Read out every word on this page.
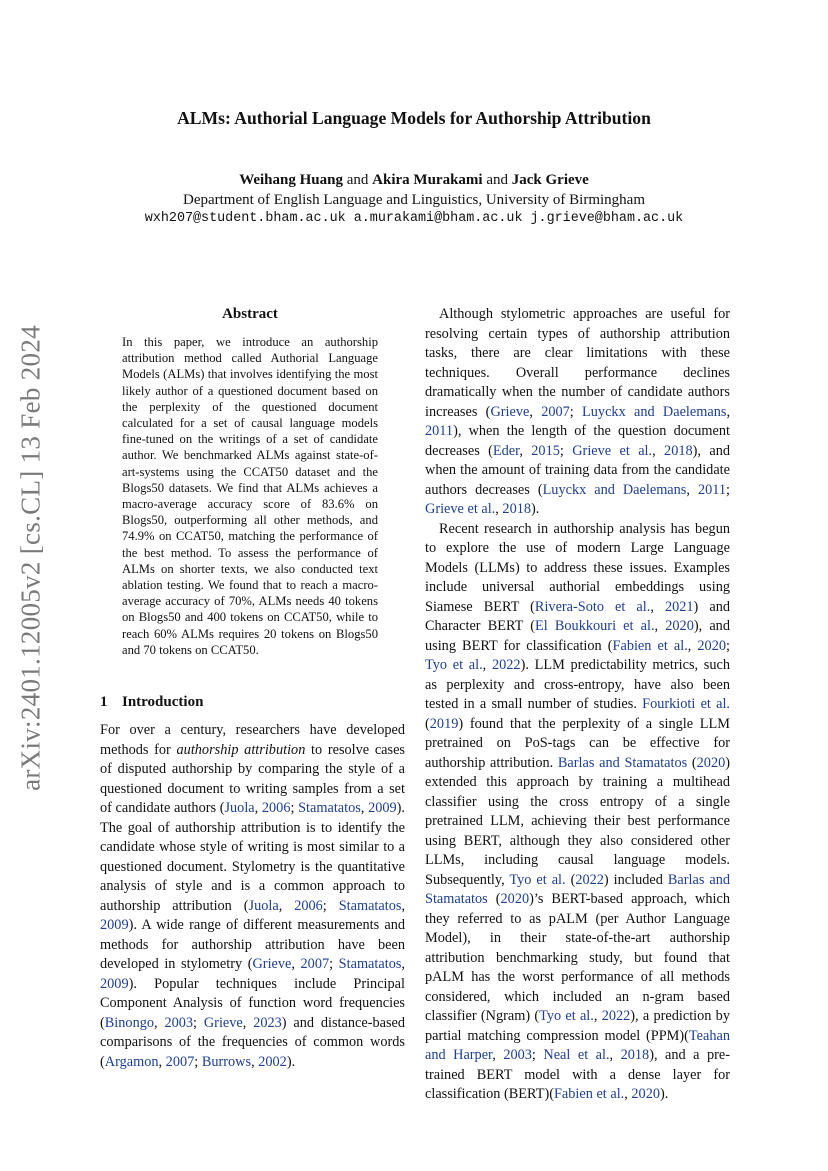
arXiv:2401.12005v2 [cs.CL] 13 Feb 2024
ALMs: Authorial Language Models for Authorship Attribution
Weihang Huang and Akira Murakami and Jack Grieve
Department of English Language and Linguistics, University of Birmingham
wxh207@student.bham.ac.uk a.murakami@bham.ac.uk j.grieve@bham.ac.uk
Abstract
In this paper, we introduce an authorship attribution method called Authorial Language Models (ALMs) that involves identifying the most likely author of a questioned document based on the perplexity of the questioned document calculated for a set of causal language models fine-tuned on the writings of a set of candidate author. We benchmarked ALMs against state-of-art-systems using the CCAT50 dataset and the Blogs50 datasets. We find that ALMs achieves a macro-average accuracy score of 83.6% on Blogs50, outperforming all other methods, and 74.9% on CCAT50, matching the performance of the best method. To assess the performance of ALMs on shorter texts, we also conducted text ablation testing. We found that to reach a macro-average accuracy of 70%, ALMs needs 40 tokens on Blogs50 and 400 tokens on CCAT50, while to reach 60% ALMs requires 20 tokens on Blogs50 and 70 tokens on CCAT50.
1 Introduction

For over a century, researchers have developed methods for authorship attribution to resolve cases of disputed authorship by comparing the style of a questioned document to writing samples from a set of candidate authors (Juola, 2006; Stamatatos, 2009). The goal of authorship attribution is to identify the candidate whose style of writing is most similar to a questioned document. Stylometry is the quantitative analysis of style and is a common approach to authorship attribution (Juola, 2006; Stamatatos, 2009). A wide range of different measurements and methods for authorship attribution have been developed in stylometry (Grieve, 2007; Stamatatos, 2009). Popular techniques include Principal Component Analysis of function word frequencies (Binongo, 2003; Grieve, 2023) and distance-based comparisons of the frequencies of common words (Argamon, 2007; Burrows, 2002).

Although stylometric approaches are useful for resolving certain types of authorship attribution tasks, there are clear limitations with these techniques. Overall performance declines dramatically when the number of candidate authors increases (Grieve, 2007; Luyckx and Daelemans, 2011), when the length of the question document decreases (Eder, 2015; Grieve et al., 2018), and when the amount of training data from the candidate authors decreases (Luyckx and Daelemans, 2011; Grieve et al., 2018).

Recent research in authorship analysis has begun to explore the use of modern Large Language Models (LLMs) to address these issues. Examples include universal authorial embeddings using Siamese BERT (Rivera-Soto et al., 2021) and Character BERT (El Boukkouri et al., 2020), and using BERT for classification (Fabien et al., 2020; Tyo et al., 2022). LLM predictability metrics, such as perplexity and cross-entropy, have also been tested in a small number of studies. Fourkioti et al. (2019) found that the perplexity of a single LLM pretrained on PoS-tags can be effective for authorship attribution. Barlas and Stamatatos (2020) extended this approach by training a multihead classifier using the cross entropy of a single pretrained LLM, achieving their best performance using BERT, although they also considered other LLMs, including causal language models. Subsequently, Tyo et al. (2022) included Barlas and Stamatatos (2020)’s BERT-based approach, which they referred to as pALM (per Author Language Model), in their state-of-the-art authorship attribution benchmarking study, but found that pALM has the worst performance of all methods considered, which included an n-gram based classifier (Ngram) (Tyo et al., 2022), a prediction by partial matching compression model (PPM)(Teahan and Harper, 2003; Neal et al., 2018), and a pre-trained BERT model with a dense layer for classification (BERT)(Fabien et al., 2020).
